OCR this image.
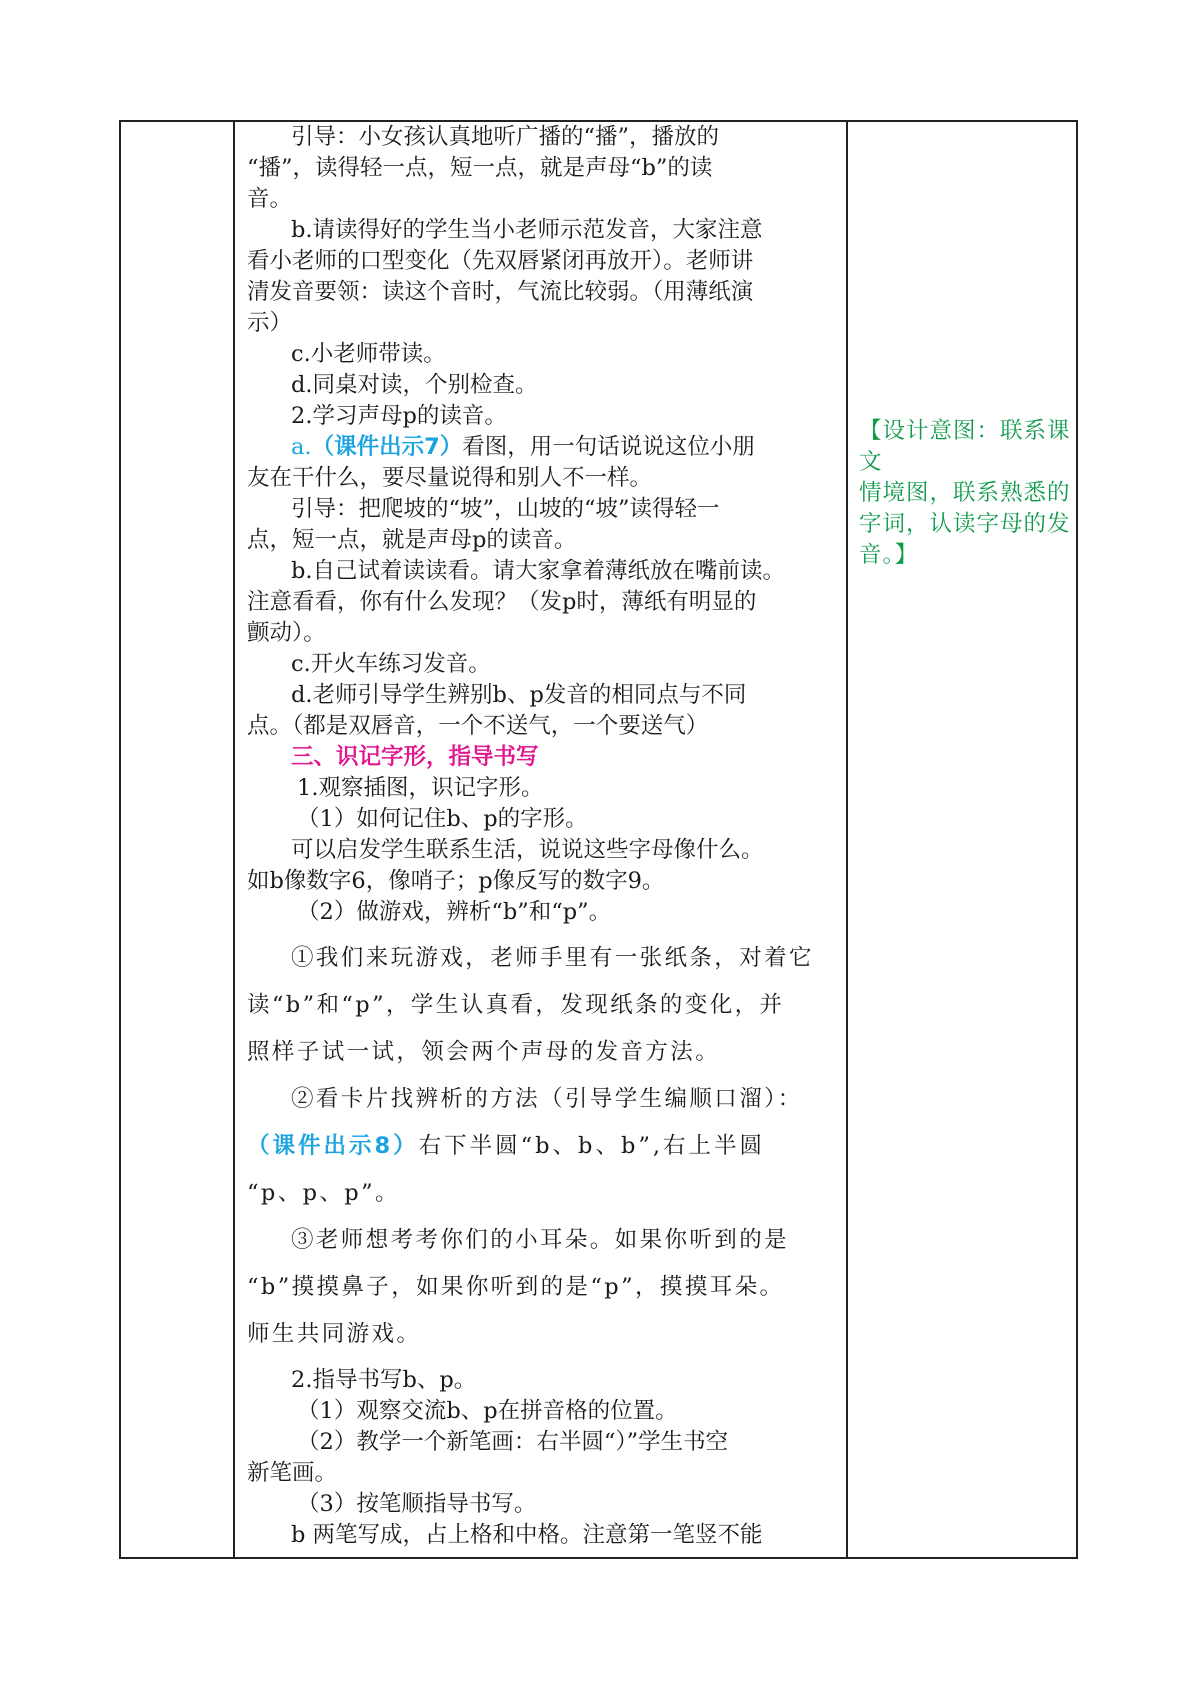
引导：小女孩认真地听广播的“播”，播放的
“播”，读得轻一点，短一点，就是声母“b”的读
音。
b.请读得好的学生当小老师示范发音，大家注意
看小老师的口型变化（先双唇紧闭再放开）。老师讲
清发音要领：读这个音时，气流比较弱。（用薄纸演
示）
c.小老师带读。
d.同桌对读，个别检查。
2.学习声母p的读音。
a.（课件出示7）看图，用一句话说说这位小朋
友在干什么，要尽量说得和别人不一样。
引导：把爬坡的“坡”，山坡的“坡”读得轻一
点，短一点，就是声母p的读音。
b.自己试着读读看。请大家拿着薄纸放在嘴前读。
注意看看，你有什么发现？（发p时，薄纸有明显的
颤动）。
c.开火车练习发音。
d.老师引导学生辨别b、p发音的相同点与不同
点。（都是双唇音，一个不送气，一个要送气）
三、识记字形，指导书写
1.观察插图，识记字形。
（1）如何记住b、p的字形。
可以启发学生联系生活，说说这些字母像什么。
如b像数字6，像哨子；p像反写的数字9。
（2）做游戏，辨析“b”和“p”。
①我们来玩游戏，老师手里有一张纸条，对着它
读“b”和“p”，学生认真看，发现纸条的变化，并
照样子试一试，领会两个声母的发音方法。
②看卡片找辨析的方法（引导学生编顺口溜）：
（课件出示8）右下半圆“b、b、b”,右上半圆
“p、p、p”。
③老师想考考你们的小耳朵。如果你听到的是
“b”摸摸鼻子，如果你听到的是“p”，摸摸耳朵。
师生共同游戏。
2.指导书写b、p。
（1）观察交流b、p在拼音格的位置。
（2）教学一个新笔画：右半圆“）”学生书空
新笔画。
（3）按笔顺指导书写。
b 两笔写成，占上格和中格。注意第一笔竖不能
【设计意图：联系课文
情境图，联系熟悉的
字词，认读字母的发
音。】
